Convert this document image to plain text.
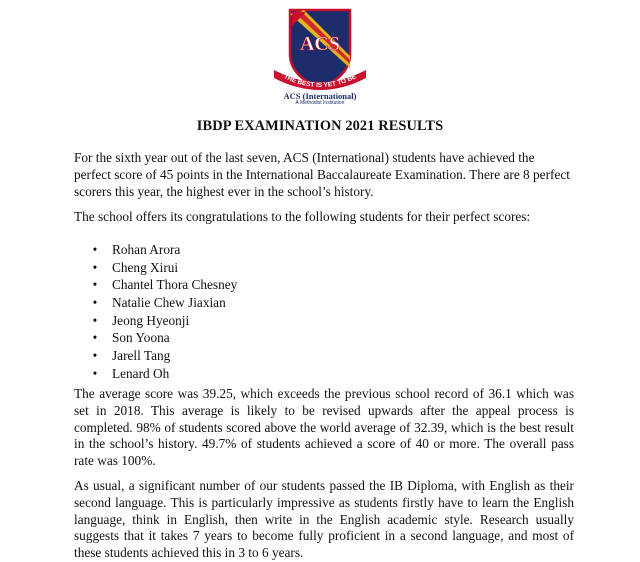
ACS
THE BEST IS YET TO BE
ACS (International)
A Methodist Institution
IBDP EXAMINATION 2021 RESULTS

For the sixth year out of the last seven, ACS (International) students have achieved the perfect score of 45 points in the International Baccalaureate Examination. There are 8 perfect scorers this year, the highest ever in the school’s history.

The school offers its congratulations to the following students for their perfect scores:

• Rohan Arora
• Cheng Xirui
• Chantel Thora Chesney
• Natalie Chew Jiaxian
• Jeong Hyeonji
• Son Yoona
• Jarell Tang
• Lenard Oh

The average score was 39.25, which exceeds the previous school record of 36.1 which was set in 2018. This average is likely to be revised upwards after the appeal process is completed. 98% of students scored above the world average of 32.39, which is the best result in the school’s history. 49.7% of students achieved a score of 40 or more. The overall pass rate was 100%.

As usual, a significant number of our students passed the IB Diploma, with English as their second language. This is particularly impressive as students firstly have to learn the English language, think in English, then write in the English academic style. Research usually suggests that it takes 7 years to become fully proficient in a second language, and most of these students achieved this in 3 to 6 years.
